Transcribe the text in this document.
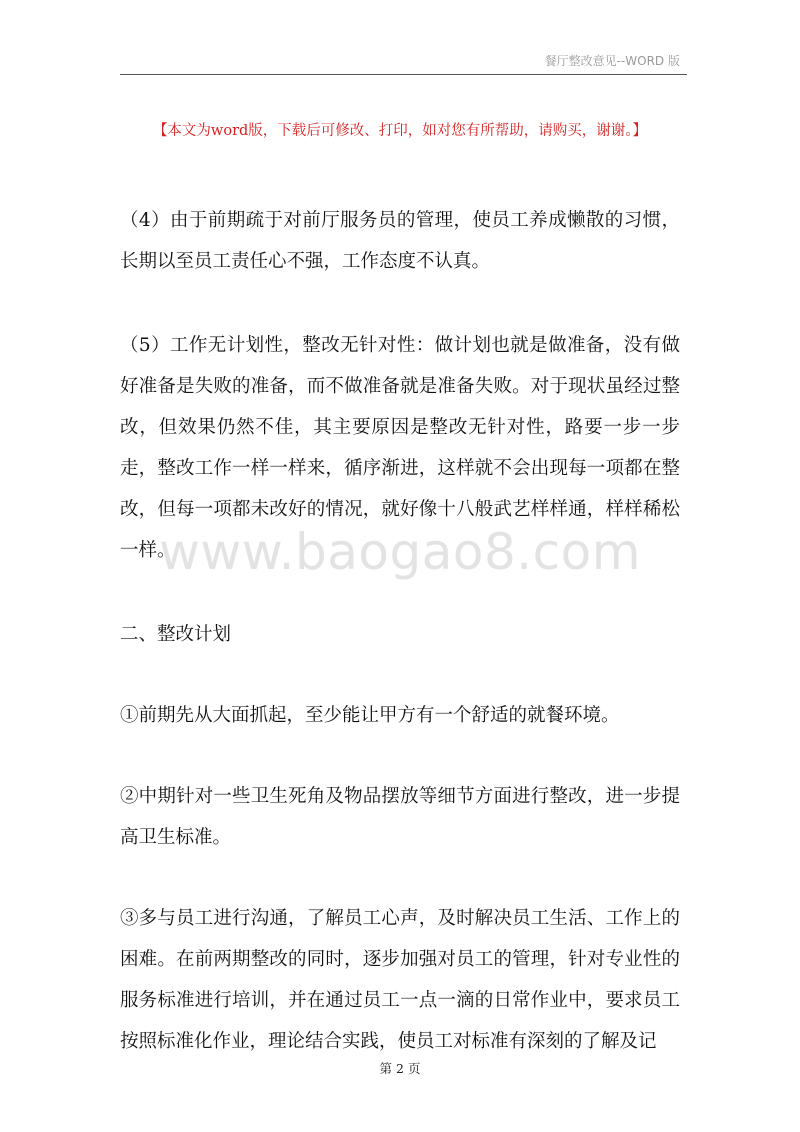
餐厅整改意见--WORD 版
【本文为word版，下载后可修改、打印，如对您有所帮助，请购买，谢谢。】
www.baogao8.com

（4）由于前期疏于对前厅服务员的管理，使员工养成懒散的习惯，长期以至员工责任心不强，工作态度不认真。

（5）工作无计划性，整改无针对性：做计划也就是做准备，没有做好准备是失败的准备，而不做准备就是准备失败。对于现状虽经过整改，但效果仍然不佳，其主要原因是整改无针对性，路要一步一步走，整改工作一样一样来，循序渐进，这样就不会出现每一项都在整改，但每一项都未改好的情况，就好像十八般武艺样样通，样样稀松一样。

二、整改计划

①前期先从大面抓起，至少能让甲方有一个舒适的就餐环境。

②中期针对一些卫生死角及物品摆放等细节方面进行整改，进一步提高卫生标准。

③多与员工进行沟通，了解员工心声，及时解决员工生活、工作上的困难。在前两期整改的同时，逐步加强对员工的管理，针对专业性的服务标准进行培训，并在通过员工一点一滴的日常作业中，要求员工按照标准化作业，理论结合实践，使员工对标准有深刻的了解及记

第 2 页
